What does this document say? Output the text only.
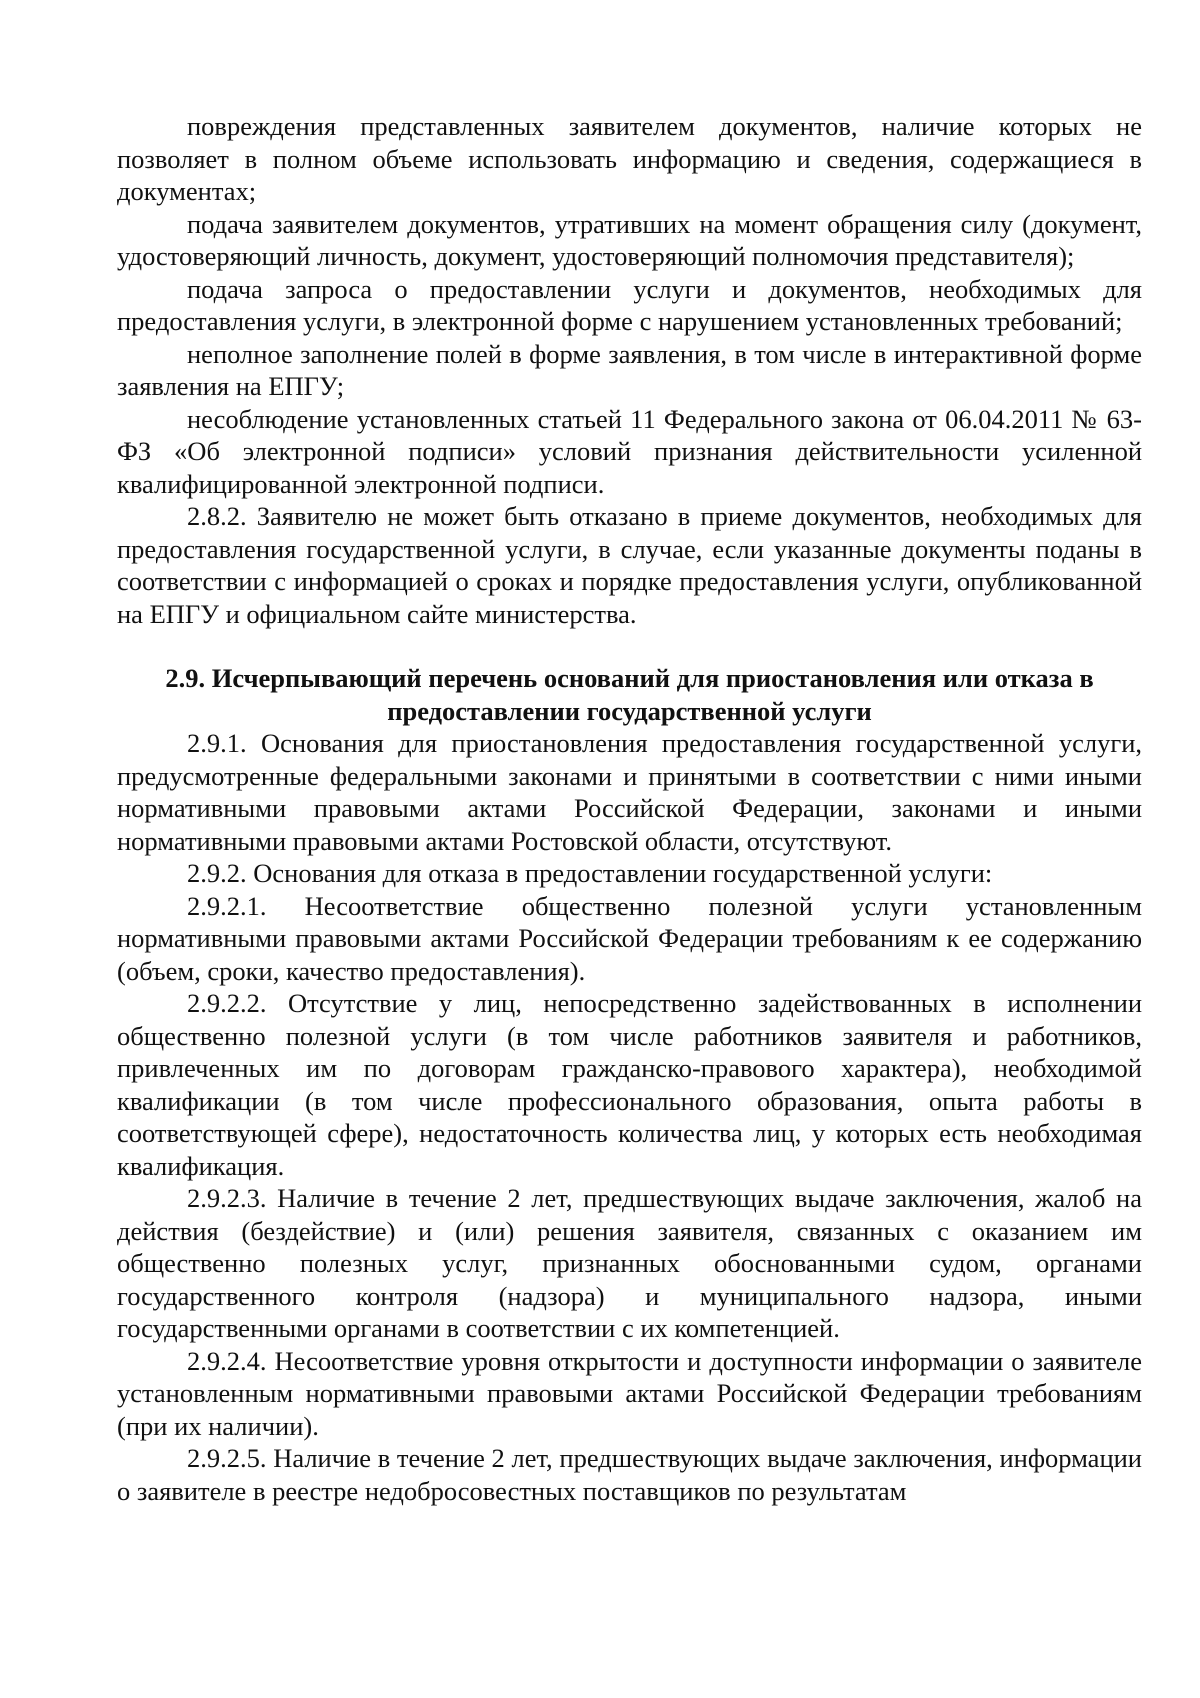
повреждения представленных заявителем документов, наличие которых не позволяет в полном объеме использовать информацию и сведения, содержащиеся в документах;

подача заявителем документов, утративших на момент обращения силу (документ, удостоверяющий личность, документ, удостоверяющий полномочия представителя);

подача запроса о предоставлении услуги и документов, необходимых для предоставления услуги, в электронной форме с нарушением установленных требований;

неполное заполнение полей в форме заявления, в том числе в интерактивной форме заявления на ЕПГУ;

несоблюдение установленных статьей 11 Федерального закона от 06.04.2011 № 63-ФЗ «Об электронной подписи» условий признания действительности усиленной квалифицированной электронной подписи.

2.8.2. Заявителю не может быть отказано в приеме документов, необходимых для предоставления государственной услуги, в случае, если указанные документы поданы в соответствии с информацией о сроках и порядке предоставления услуги, опубликованной на ЕПГУ и официальном сайте министерства.

2.9. Исчерпывающий перечень оснований для приостановления или отказа в предоставлении государственной услуги

2.9.1. Основания для приостановления предоставления государственной услуги, предусмотренные федеральными законами и принятыми в соответствии с ними иными нормативными правовыми актами Российской Федерации, законами и иными нормативными правовыми актами Ростовской области, отсутствуют.

2.9.2. Основания для отказа в предоставлении государственной услуги:

2.9.2.1. Несоответствие общественно полезной услуги установленным нормативными правовыми актами Российской Федерации требованиям к ее содержанию (объем, сроки, качество предоставления).

2.9.2.2. Отсутствие у лиц, непосредственно задействованных в исполнении общественно полезной услуги (в том числе работников заявителя и работников, привлеченных им по договорам гражданско-правового характера), необходимой квалификации (в том числе профессионального образования, опыта работы в соответствующей сфере), недостаточность количества лиц, у которых есть необходимая квалификация.

2.9.2.3. Наличие в течение 2 лет, предшествующих выдаче заключения, жалоб на действия (бездействие) и (или) решения заявителя, связанных с оказанием им общественно полезных услуг, признанных обоснованными судом, органами государственного контроля (надзора) и муниципального надзора, иными государственными органами в соответствии с их компетенцией.

2.9.2.4. Несоответствие уровня открытости и доступности информации о заявителе установленным нормативными правовыми актами Российской Федерации требованиям (при их наличии).

2.9.2.5. Наличие в течение 2 лет, предшествующих выдаче заключения, информации о заявителе в реестре недобросовестных поставщиков по результатам
